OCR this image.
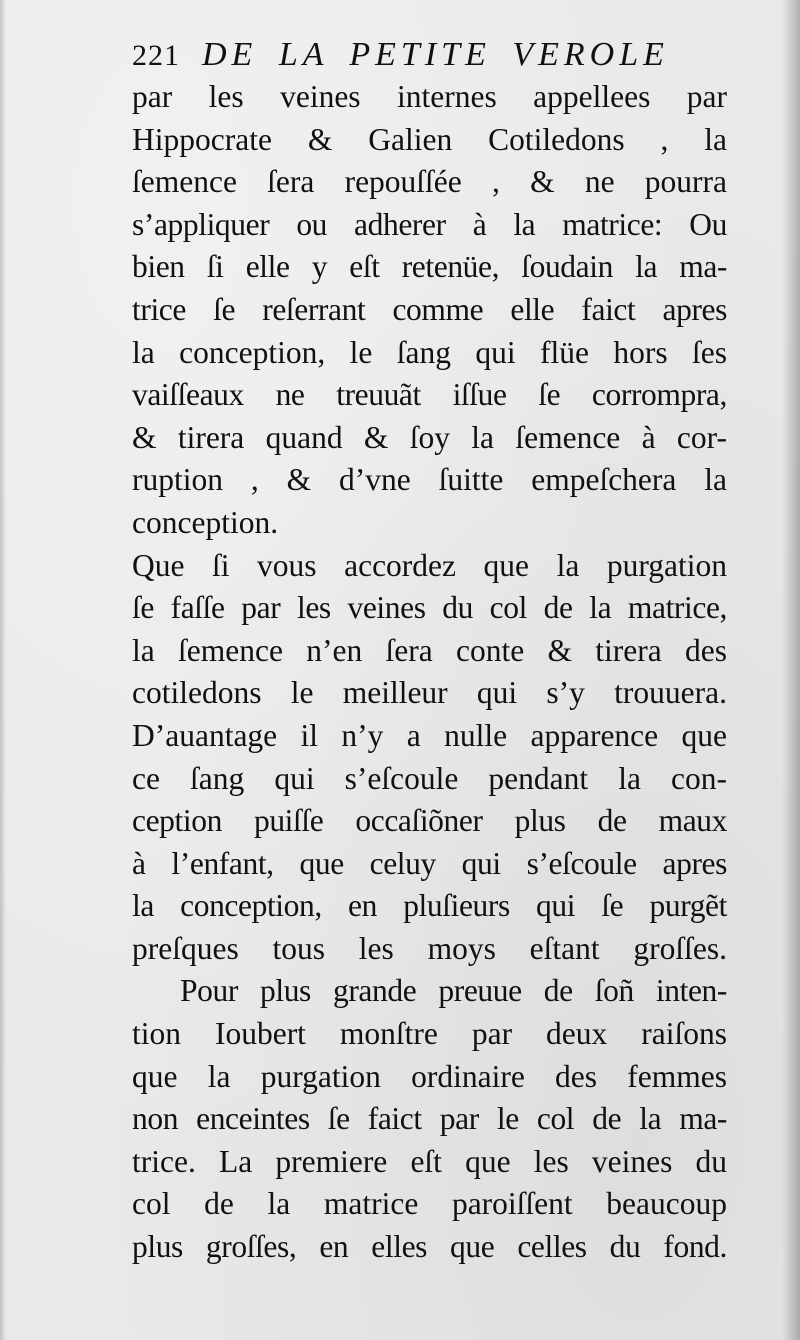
221 DE LA PETITE VEROLE
par les veines internes appellees par
Hippocrate & Galien Cotiledons , la
ſemence ſera repouſſée , & ne pourra
s’appliquer ou adherer à la matrice: Ou
bien ſi elle y eſt retenüe, ſoudain la ma-
trice ſe reſerrant comme elle faict apres
la conception, le ſang qui flüe hors ſes
vaiſſeaux ne treuuãt iſſue ſe corrompra,
& tirera quand & ſoy la ſemence à cor-
ruption , & d’vne ſuitte empeſchera la
conception.
Que ſi vous accordez que la purgation
ſe faſſe par les veines du col de la matrice,
la ſemence n’en ſera conte & tirera des
cotiledons le meilleur qui s’y trouuera.
D’auantage il n’y a nulle apparence que
ce ſang qui s’eſcoule pendant la con-
ception puiſſe occaſiõner plus de maux
à l’enfant, que celuy qui s’eſcoule apres
la conception, en pluſieurs qui ſe purgẽt
preſques tous les moys eſtant groſſes.
Pour plus grande preuue de ſoñ inten-
tion Ioubert monſtre par deux raiſons
que la purgation ordinaire des femmes
non enceintes ſe faict par le col de la ma-
trice. La premiere eſt que les veines du
col de la matrice paroiſſent beaucoup
plus groſſes, en elles que celles du fond.
